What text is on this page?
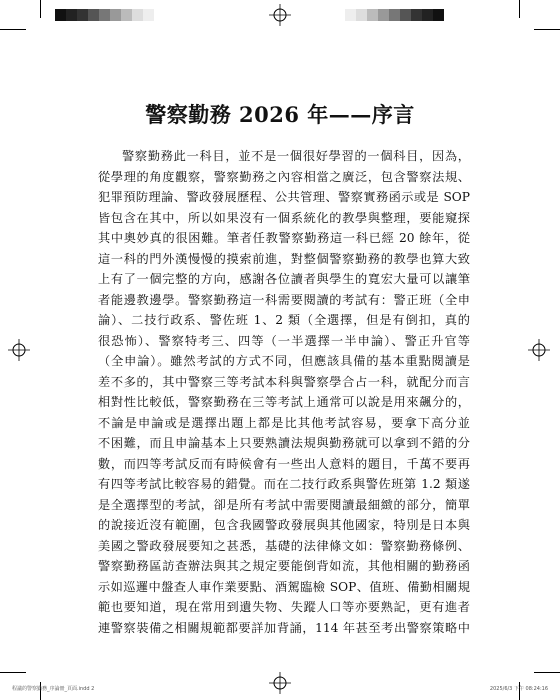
警察勤務 2026 年——序言
警察勤務此一科目，並不是一個很好學習的一個科目，因為，
從學理的角度觀察，警察勤務之內容相當之廣泛，包含警察法規、
犯罪預防理論、警政發展歷程、公共管理、警察實務函示或是 SOP
皆包含在其中，所以如果沒有一個系統化的教學與整理，要能窺探
其中奧妙真的很困難。筆者任教警察勤務這一科已經 20 餘年，從
這一科的門外漢慢慢的摸索前進，對整個警察勤務的教學也算大致
上有了一個完整的方向，感謝各位讀者與學生的寬宏大量可以讓筆
者能邊教邊學。警察勤務這一科需要閱讀的考試有：警正班（全申
論）、二技行政系、警佐班 1、2 類（全選擇，但是有倒扣，真的
很恐怖）、警察特考三、四等（一半選擇一半申論）、警正升官等
（全申論）。雖然考試的方式不同，但應該具備的基本重點閱讀是
差不多的，其中警察三等考試本科與警察學合占一科，就配分而言
相對性比較低，警察勤務在三等考試上通常可以說是用來飆分的，
不論是申論或是選擇出題上都是比其他考試容易，要拿下高分並
不困難，而且申論基本上只要熟讀法規與勤務就可以拿到不錯的分
數，而四等考試反而有時候會有一些出人意料的題目，千萬不要再
有四等考試比較容易的錯覺。而在二技行政系與警佐班第 1.2 類遂
是全選擇型的考試，卻是所有考試中需要閱讀最細緻的部分，簡單
的說接近沒有範圍，包含我國警政發展與其他國家，特別是日本與
美國之警政發展要知之甚悉，基礎的法律條文如：警察勤務條例、
警察勤務區訪查辦法與其之規定要能倒背如流，其他相關的勤務函
示如巡邏中盤查人車作業要點、酒駕臨檢 SOP、值班、備勤相關規
範也要知道，現在常用到遺失物、失蹤人口等亦要熟記，更有進者
連警察裝備之相關規範都要詳加背誦，114 年甚至考出警察策略中
程議的警察勤務_序論冊_頁面.indd 2	2025/6/3 下午 08:24:16
